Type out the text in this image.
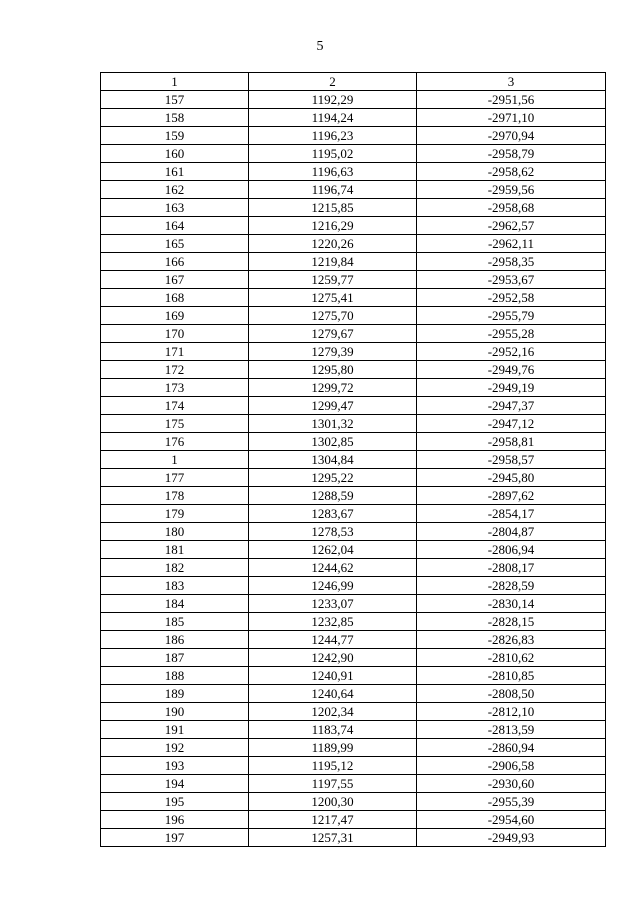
5
1	2	3
157	1192,29	-2951,56
158	1194,24	-2971,10
159	1196,23	-2970,94
160	1195,02	-2958,79
161	1196,63	-2958,62
162	1196,74	-2959,56
163	1215,85	-2958,68
164	1216,29	-2962,57
165	1220,26	-2962,11
166	1219,84	-2958,35
167	1259,77	-2953,67
168	1275,41	-2952,58
169	1275,70	-2955,79
170	1279,67	-2955,28
171	1279,39	-2952,16
172	1295,80	-2949,76
173	1299,72	-2949,19
174	1299,47	-2947,37
175	1301,32	-2947,12
176	1302,85	-2958,81
1	1304,84	-2958,57
177	1295,22	-2945,80
178	1288,59	-2897,62
179	1283,67	-2854,17
180	1278,53	-2804,87
181	1262,04	-2806,94
182	1244,62	-2808,17
183	1246,99	-2828,59
184	1233,07	-2830,14
185	1232,85	-2828,15
186	1244,77	-2826,83
187	1242,90	-2810,62
188	1240,91	-2810,85
189	1240,64	-2808,50
190	1202,34	-2812,10
191	1183,74	-2813,59
192	1189,99	-2860,94
193	1195,12	-2906,58
194	1197,55	-2930,60
195	1200,30	-2955,39
196	1217,47	-2954,60
197	1257,31	-2949,93
